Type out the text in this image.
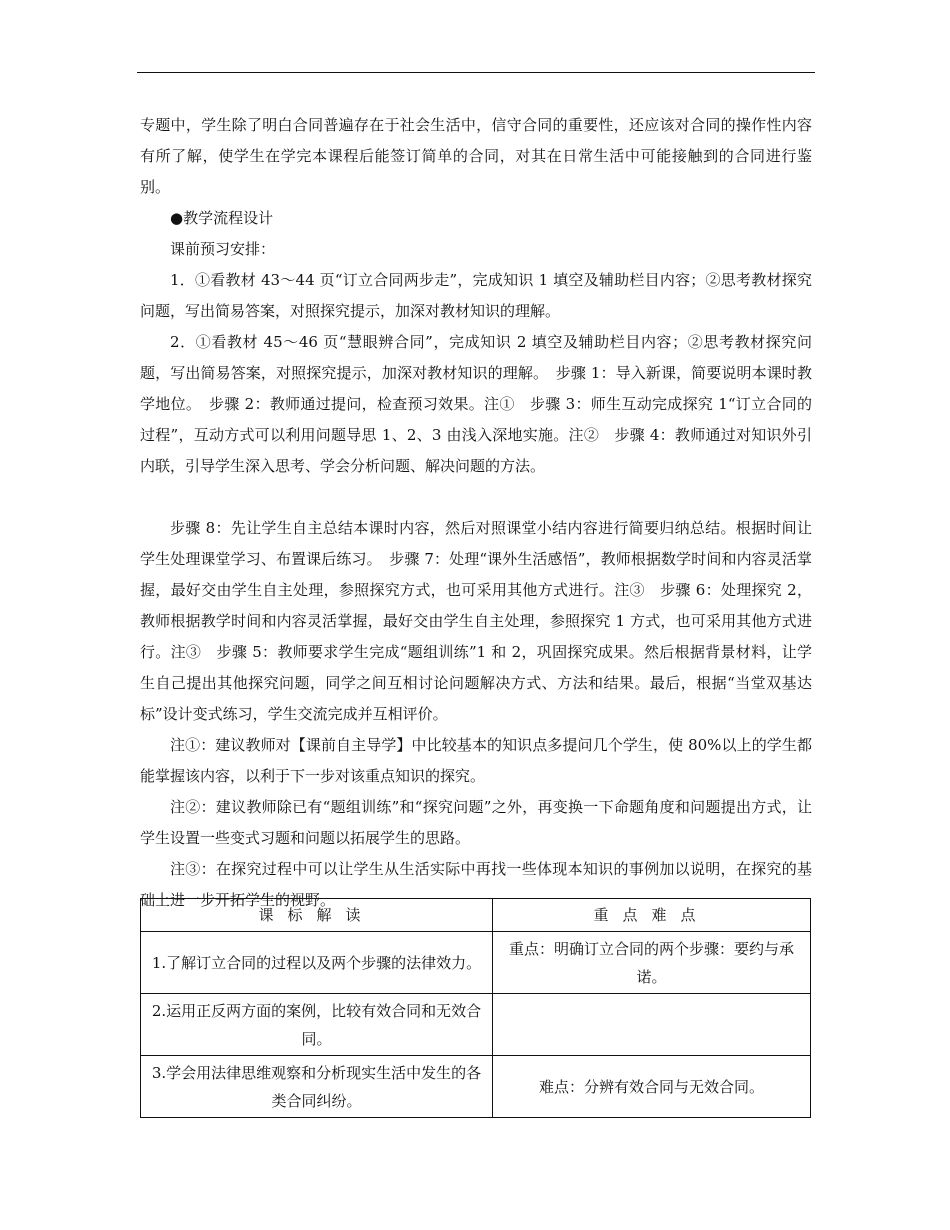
专题中，学生除了明白合同普遍存在于社会生活中，信守合同的重要性，还应该对合同的操作性内容有所了解，使学生在学完本课程后能签订简单的合同，对其在日常生活中可能接触到的合同进行鉴别。

●教学流程设计

课前预习安排：

1．①看教材 43～44 页“订立合同两步走”，完成知识 1 填空及辅助栏目内容；②思考教材探究问题，写出简易答案，对照探究提示，加深对教材知识的理解。

2．①看教材 45～46 页“慧眼辨合同”，完成知识 2 填空及辅助栏目内容；②思考教材探究问题，写出简易答案，对照探究提示，加深对教材知识的理解。　步骤 1：导入新课，简要说明本课时教学地位。　步骤 2：教师通过提问，检查预习效果。注①　步骤 3：师生互动完成探究 1“订立合同的过程”，互动方式可以利用问题导思 1、2、3 由浅入深地实施。注②　步骤 4：教师通过对知识外引内联，引导学生深入思考、学会分析问题、解决问题的方法。

步骤 8：先让学生自主总结本课时内容，然后对照课堂小结内容进行简要归纳总结。根据时间让学生处理课堂学习、布置课后练习。　步骤 7：处理“课外生活感悟”，教师根据数学时间和内容灵活掌握，最好交由学生自主处理，参照探究方式，也可采用其他方式进行。注③　步骤 6：处理探究 2，教师根据教学时间和内容灵活掌握，最好交由学生自主处理，参照探究 1 方式，也可采用其他方式进行。注③　步骤 5：教师要求学生完成“题组训练”1 和 2，巩固探究成果。然后根据背景材料，让学生自己提出其他探究问题，同学之间互相讨论问题解决方式、方法和结果。最后，根据“当堂双基达标”设计变式练习，学生交流完成并互相评价。

注①：建议教师对【课前自主导学】中比较基本的知识点多提问几个学生，使 80%以上的学生都能掌握该内容，以利于下一步对该重点知识的探究。

注②：建议教师除已有“题组训练”和“探究问题”之外，再变换一下命题角度和问题提出方式，让学生设置一些变式习题和问题以拓展学生的思路。

注③：在探究过程中可以让学生从生活实际中再找一些体现本知识的事例加以说明，在探究的基础上进一步开拓学生的视野。

课标解读	重点难点
1.了解订立合同的过程以及两个步骤的法律效力。	重点：明确订立合同的两个步骤：要约与承诺。
2.运用正反两方面的案例，比较有效合同和无效合同。	
3.学会用法律思维观察和分析现实生活中发生的各类合同纠纷。	难点：分辨有效合同与无效合同。
